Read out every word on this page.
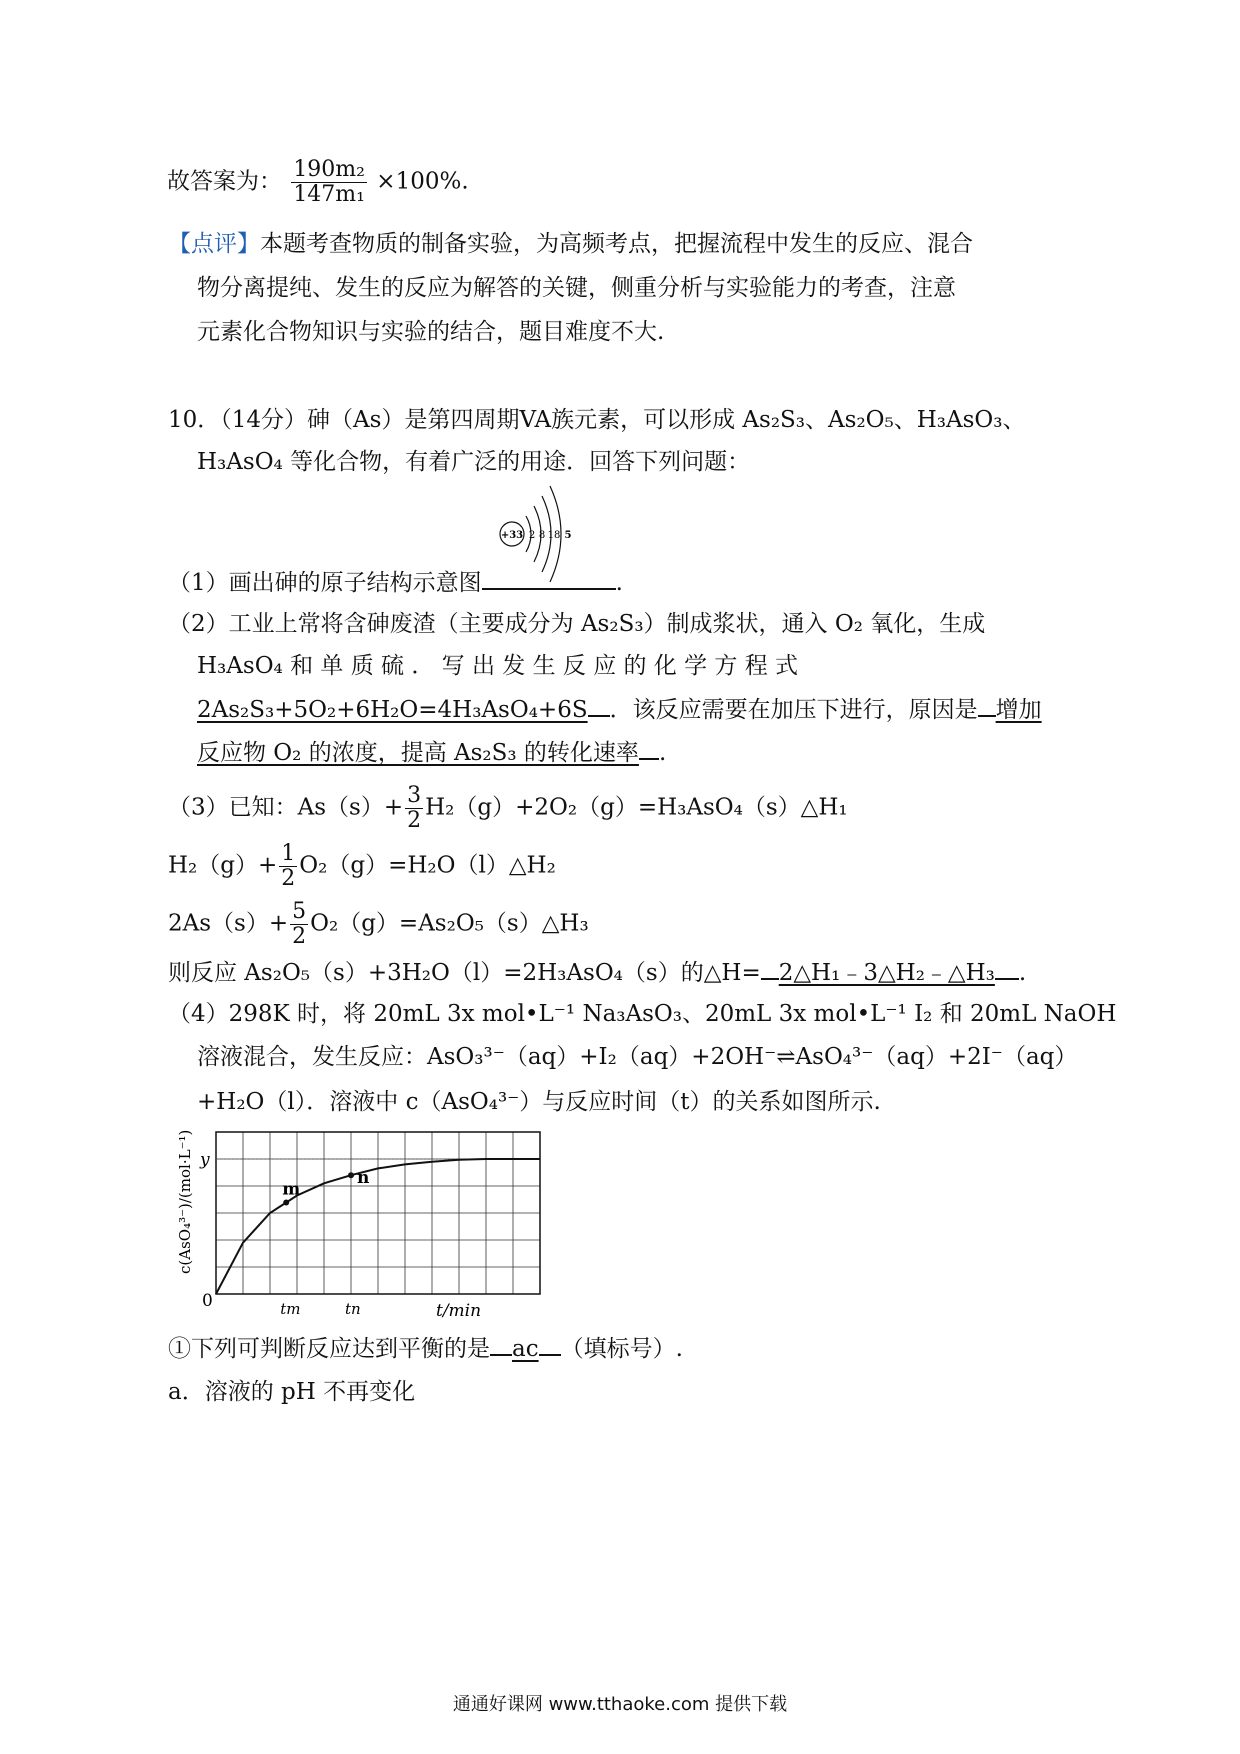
故答案为： $\frac{\text{190m₂}}{\text{147m₁}} \times 100\%$.
【点评】本题考查物质的制备实验，为高频考点，把握流程中发生的反应、混合
物分离提纯、发生的反应为解答的关键，侧重分析与实验能力的考查，注意
元素化合物知识与实验的结合，题目难度不大.
10．（14分）砷（As）是第四周期VA族元素，可以形成 As₂S₃、As₂O₅、H₃AsO₃、
H₃AsO₄ 等化合物，有着广泛的用途．回答下列问题：
+33 2 8 18 5
（1）画出砷的原子结构示意图	.
（2）工业上常将含砷废渣（主要成分为 As₂S₃）制成浆状，通入 O₂ 氧化，生成
H₃AsO₄ 和 单 质 硫 ． 写 出 发 生 反 应 的 化 学 方 程 式
2As₂S₃+5O₂+6H₂O=4H₃AsO₄+6S ．该反应需要在加压下进行，原因是 增加
反应物 O₂ 的浓度，提高 As₂S₃ 的转化速率 .
（3）已知：$As(s)+ \frac{3}{2}$ H₂（g）+2O₂（g）=H₃AsO₄（s）△H₁
$H_2(g)+ \frac{1}{2}$ O₂（g）=H₂O（l）△H₂
$2As(s)+ \frac{5}{2}$ O₂（g）=As₂O₅（s）△H₃
则反应 As₂O₅（s）+3H₂O（l）=2H₃AsO₄（s）的△H= 2△H₁﹣3△H₂﹣△H₃ .
（4）298K 时，将 20mL 3x mol•L⁻¹ Na₃AsO₃、20mL 3x mol•L⁻¹ I₂ 和 20mL NaOH
溶液混合，发生反应：AsO₃³⁻（aq）+I₂（aq）+2OH⁻⇌AsO₄³⁻（aq）+2I⁻（aq）
+H₂O（l）．溶液中 c（AsO₄³⁻）与反应时间（t）的关系如图所示.
m
n
y
0	tm	tn	t/min
c(AsO₄³⁻)/(mol·L⁻¹)
①下列可判断反应达到平衡的是 ac （填标号）.
a．溶液的 pH 不再变化
通通好课网 www.tthaoke.com 提供下载
